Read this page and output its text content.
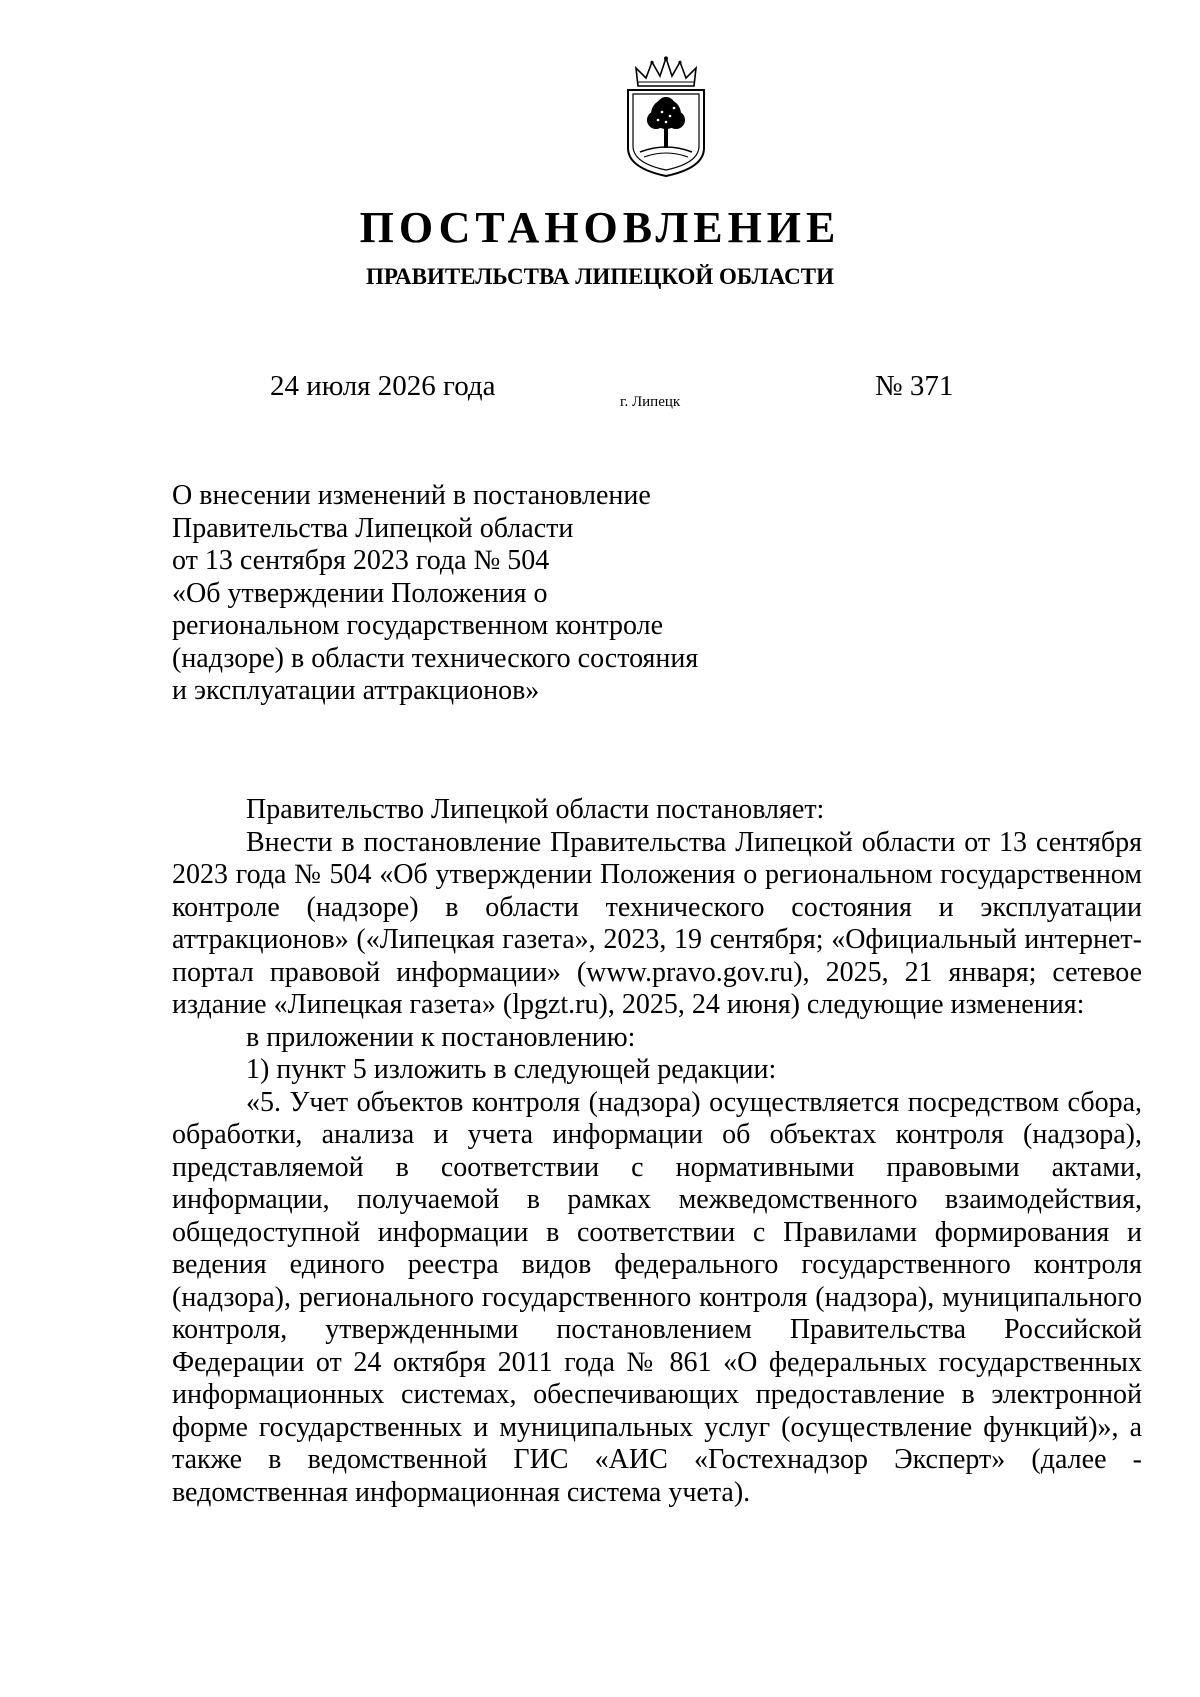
ПОСТАНОВЛЕНИЕ
ПРАВИТЕЛЬСТВА ЛИПЕЦКОЙ ОБЛАСТИ
24 июля 2026 года	г. Липецк	№ 371
О внесении изменений в постановление
Правительства Липецкой области
от 13 сентября 2023 года № 504
«Об утверждении Положения о
региональном государственном контроле
(надзоре) в области технического состояния
и эксплуатации аттракционов»

Правительство Липецкой области постановляет:

Внести в постановление Правительства Липецкой области от 13 сентября 2023 года № 504 «Об утверждении Положения о региональном государственном контроле (надзоре) в области технического состояния и эксплуатации аттракционов» («Липецкая газета», 2023, 19 сентября; «Официальный интернет-портал правовой информации» (www.pravo.gov.ru), 2025, 21 января; сетевое издание «Липецкая газета» (lpgzt.ru), 2025, 24 июня) следующие изменения:

в приложении к постановлению:

1) пункт 5 изложить в следующей редакции:

«5. Учет объектов контроля (надзора) осуществляется посредством сбора, обработки, анализа и учета информации об объектах контроля (надзора), представляемой в соответствии с нормативными правовыми актами, информации, получаемой в рамках межведомственного взаимодействия, общедоступной информации в соответствии с Правилами формирования и ведения единого реестра видов федерального государственного контроля (надзора), регионального государственного контроля (надзора), муниципального контроля, утвержденными постановлением Правительства Российской Федерации от 24 октября 2011 года № 861 «О федеральных государственных информационных системах, обеспечивающих предоставление в электронной форме государственных и муниципальных услуг (осуществление функций)», а также в ведомственной ГИС «АИС «Гостехнадзор Эксперт» (далее - ведомственная информационная система учета).
